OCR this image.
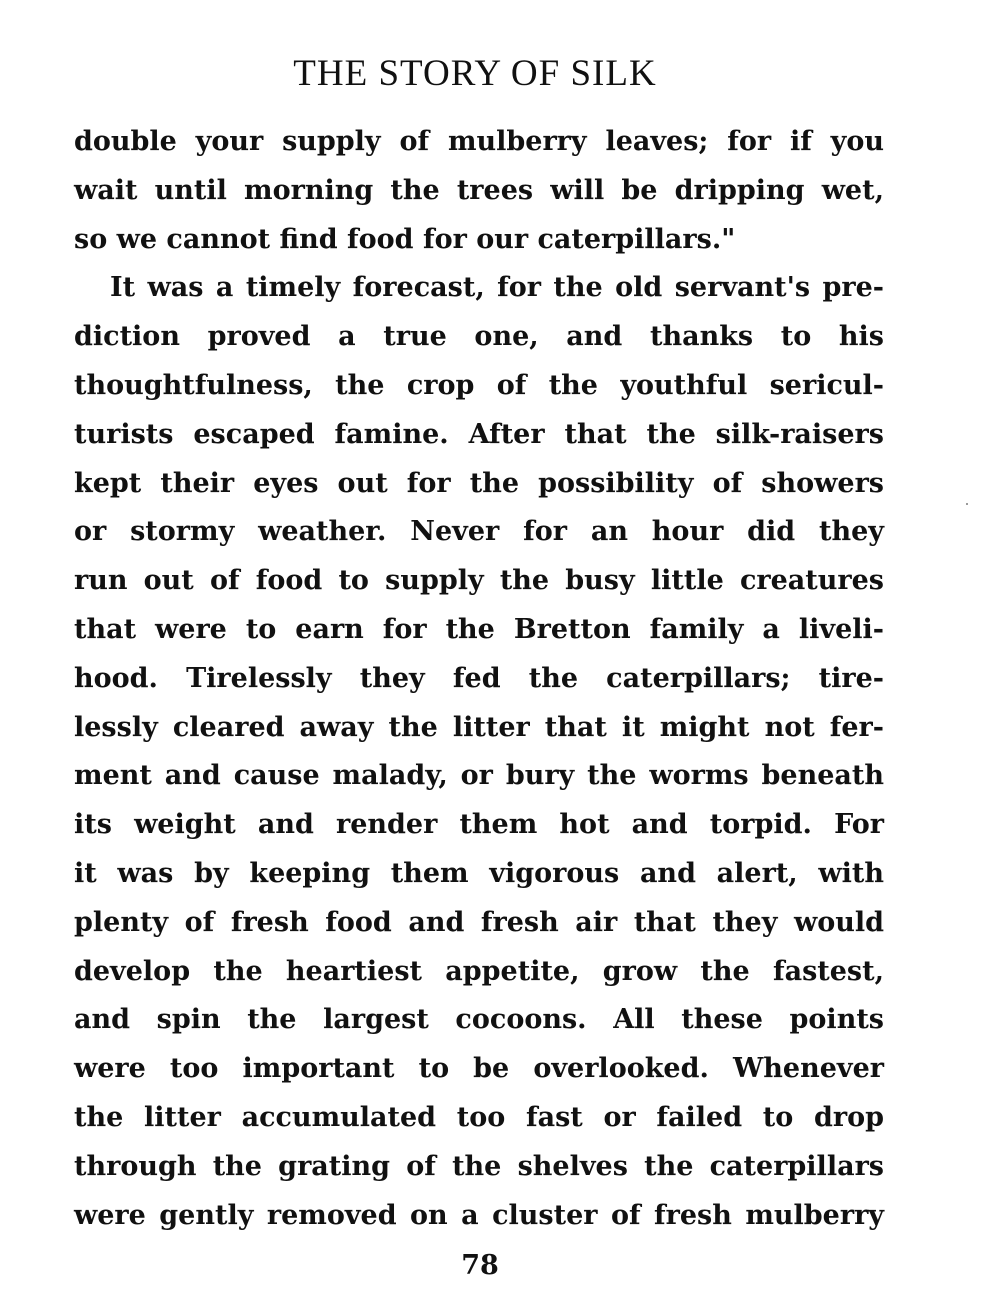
THE STORY OF SILK
double your supply of mulberry leaves; for if you
wait until morning the trees will be dripping wet,
so we cannot find food for our caterpillars."
It was a timely forecast, for the old servant's pre-
diction proved a true one, and thanks to his
thoughtfulness, the crop of the youthful sericul-
turists escaped famine. After that the silk-raisers
kept their eyes out for the possibility of showers
or stormy weather. Never for an hour did they
run out of food to supply the busy little creatures
that were to earn for the Bretton family a liveli-
hood. Tirelessly they fed the caterpillars; tire-
lessly cleared away the litter that it might not fer-
ment and cause malady, or bury the worms beneath
its weight and render them hot and torpid. For
it was by keeping them vigorous and alert, with
plenty of fresh food and fresh air that they would
develop the heartiest appetite, grow the fastest,
and spin the largest cocoons. All these points
were too important to be overlooked. Whenever
the litter accumulated too fast or failed to drop
through the grating of the shelves the caterpillars
were gently removed on a cluster of fresh mulberry
78
